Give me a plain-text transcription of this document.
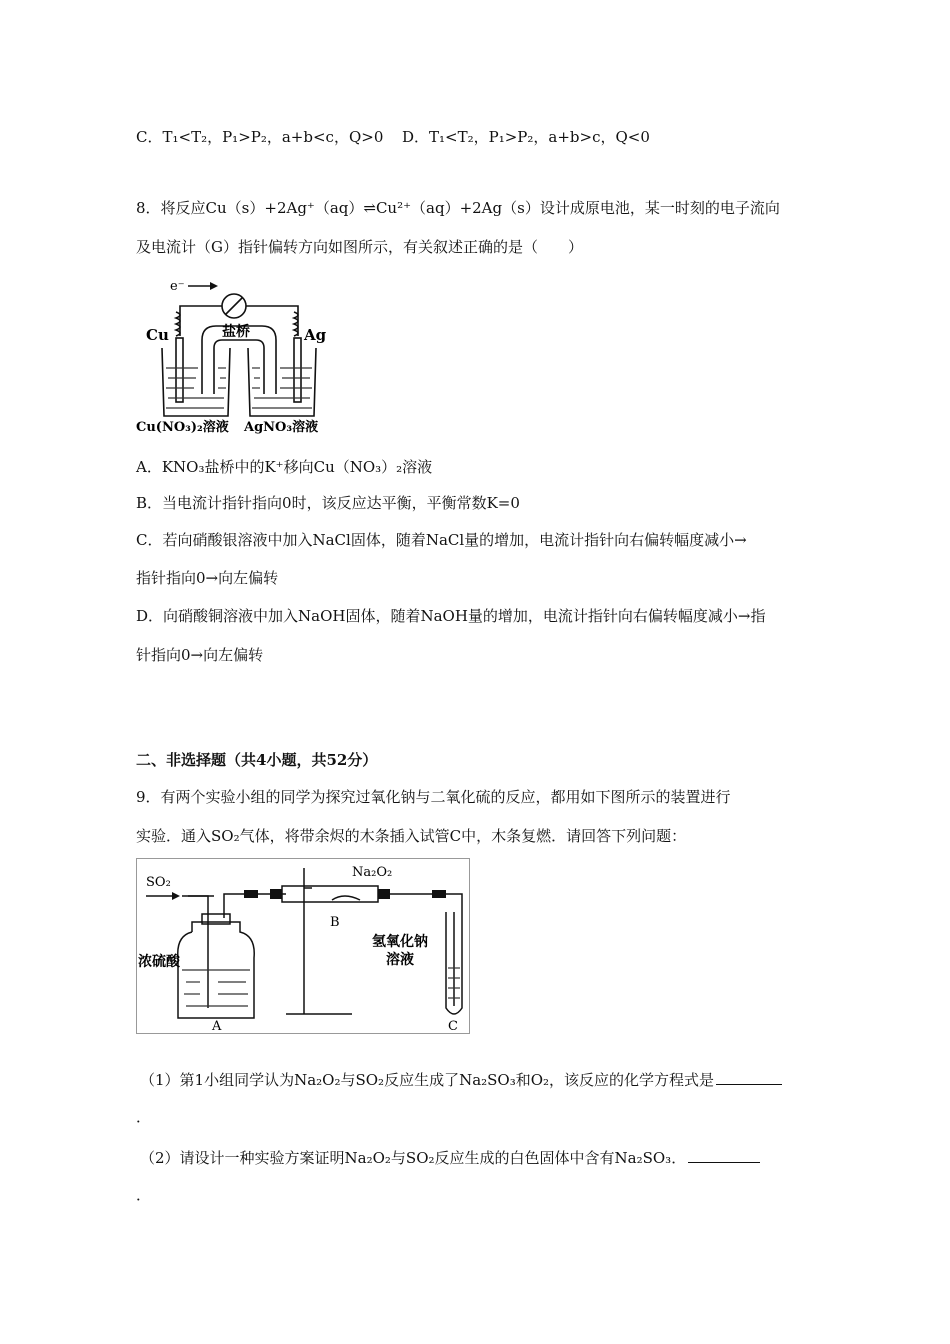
C．T₁<T₂，P₁>P₂，a+b<c，Q>0 D．T₁<T₂，P₁>P₂，a+b>c，Q<0
8．将反应Cu（s）+2Ag⁺（aq）⇌Cu²⁺（aq）+2Ag（s）设计成原电池，某一时刻的电子流向
及电流计（G）指针偏转方向如图所示，有关叙述正确的是（　　）
e⁻
Cu	Ag
盐桥
Cu(NO₃)₂溶液 AgNO₃溶液
A．KNO₃盐桥中的K⁺移向Cu（NO₃）₂溶液
B．当电流计指针指向0时，该反应达平衡，平衡常数K=0
C．若向硝酸银溶液中加入NaCl固体，随着NaCl量的增加，电流计指针向右偏转幅度减小→
指针指向0→向左偏转
D．向硝酸铜溶液中加入NaOH固体，随着NaOH量的增加，电流计指针向右偏转幅度减小→指
针指向0→向左偏转
二、非选择题（共4小题，共52分）
9．有两个实验小组的同学为探究过氧化钠与二氧化硫的反应，都用如下图所示的装置进行
实验．通入SO₂气体，将带余烬的木条插入试管C中，木条复燃．请回答下列问题：
SO₂
Na₂O₂
浓硫酸
氢氧化钠
溶液
A
B
C
（1）第1小组同学认为Na₂O₂与SO₂反应生成了Na₂SO₃和O₂，该反应的化学方程式是
．
（2）请设计一种实验方案证明Na₂O₂与SO₂反应生成的白色固体中含有Na₂SO₃．
．
